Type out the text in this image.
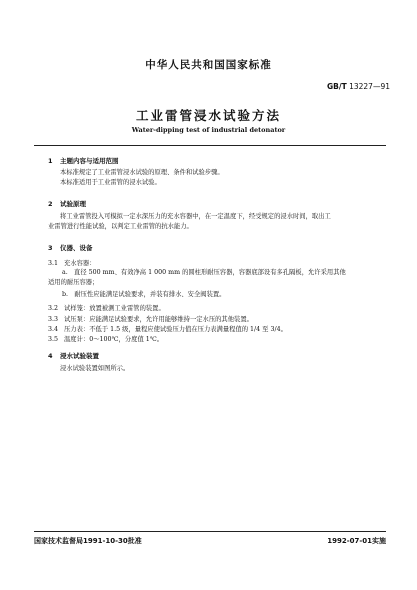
中华人民共和国国家标准
GB/T 13227—91
工业雷管浸水试验方法
Water-dipping test of industrial detonator
1 主题内容与适用范围
本标准规定了工业雷管浸水试验的原理、条件和试验步骤。
本标准适用于工业雷管的浸水试验。
2 试验原理
将工业雷管投入可模拟一定水深压力的充水容器中，在一定温度下，经受规定的浸水时间，取出工
业雷管进行性能试验，以判定工业雷管的抗水能力。
3 仪器、设备
3.1 充水容器：
a.　直径 500 mm、有效净高 1 000 mm 的圆柱形耐压容器，容器底部设有多孔隔板，允许采用其他
适用的耐压容器；
b.　耐压性应能满足试验要求，并装有排水、安全阀装置。
3.2 试样笼：放置被测工业雷管的装置。
3.3 试压泵：应能满足试验要求，允许用能够维持一定水压的其他装置。
3.4 压力表：不低于 1.5 级，量程应使试验压力值在压力表满量程值的 1/4 至 3/4。
3.5 温度计：0～100℃，分度值 1℃。
4 浸水试验装置
浸水试验装置如图所示。
国家技术监督局1991-10-30批准	1992-07-01实施
